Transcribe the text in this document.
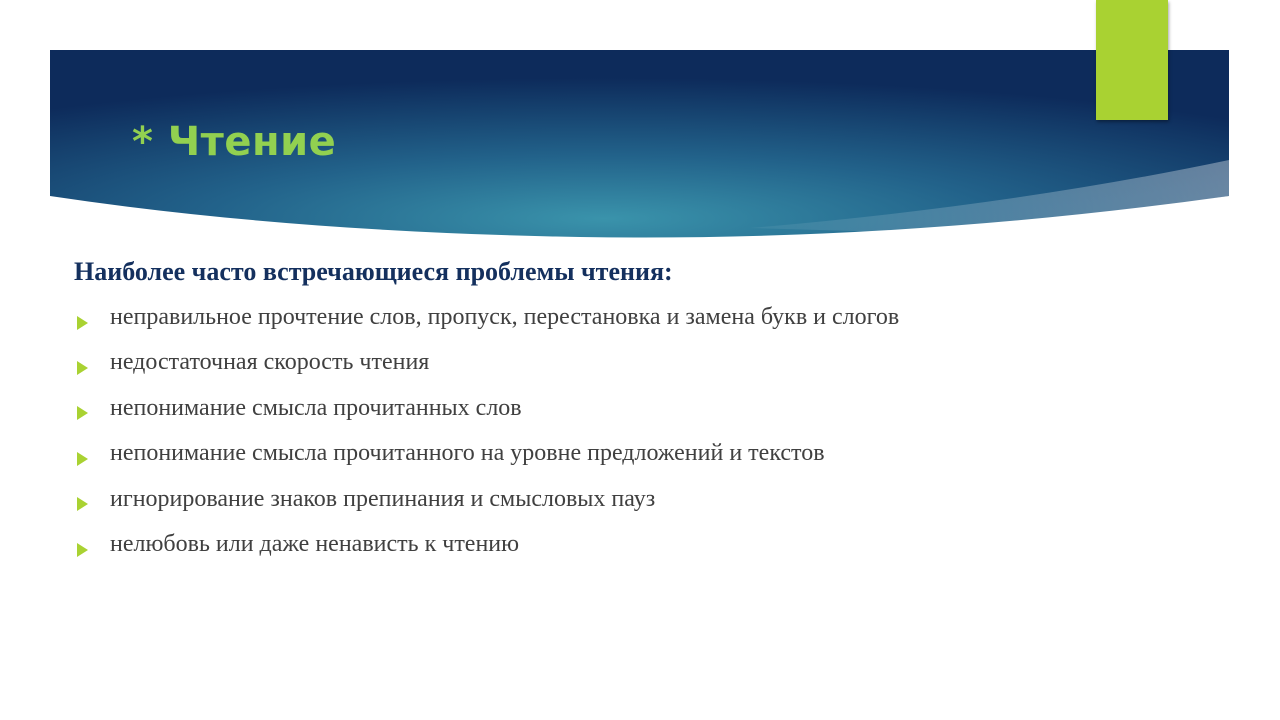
* Чтение
Наиболее часто встречающиеся проблемы чтения:
неправильное прочтение слов, пропуск, перестановка и замена букв и слогов
недостаточная скорость чтения
непонимание смысла прочитанных слов
непонимание смысла прочитанного на уровне предложений и текстов
игнорирование знаков препинания и смысловых пауз
нелюбовь или даже ненависть к чтению
